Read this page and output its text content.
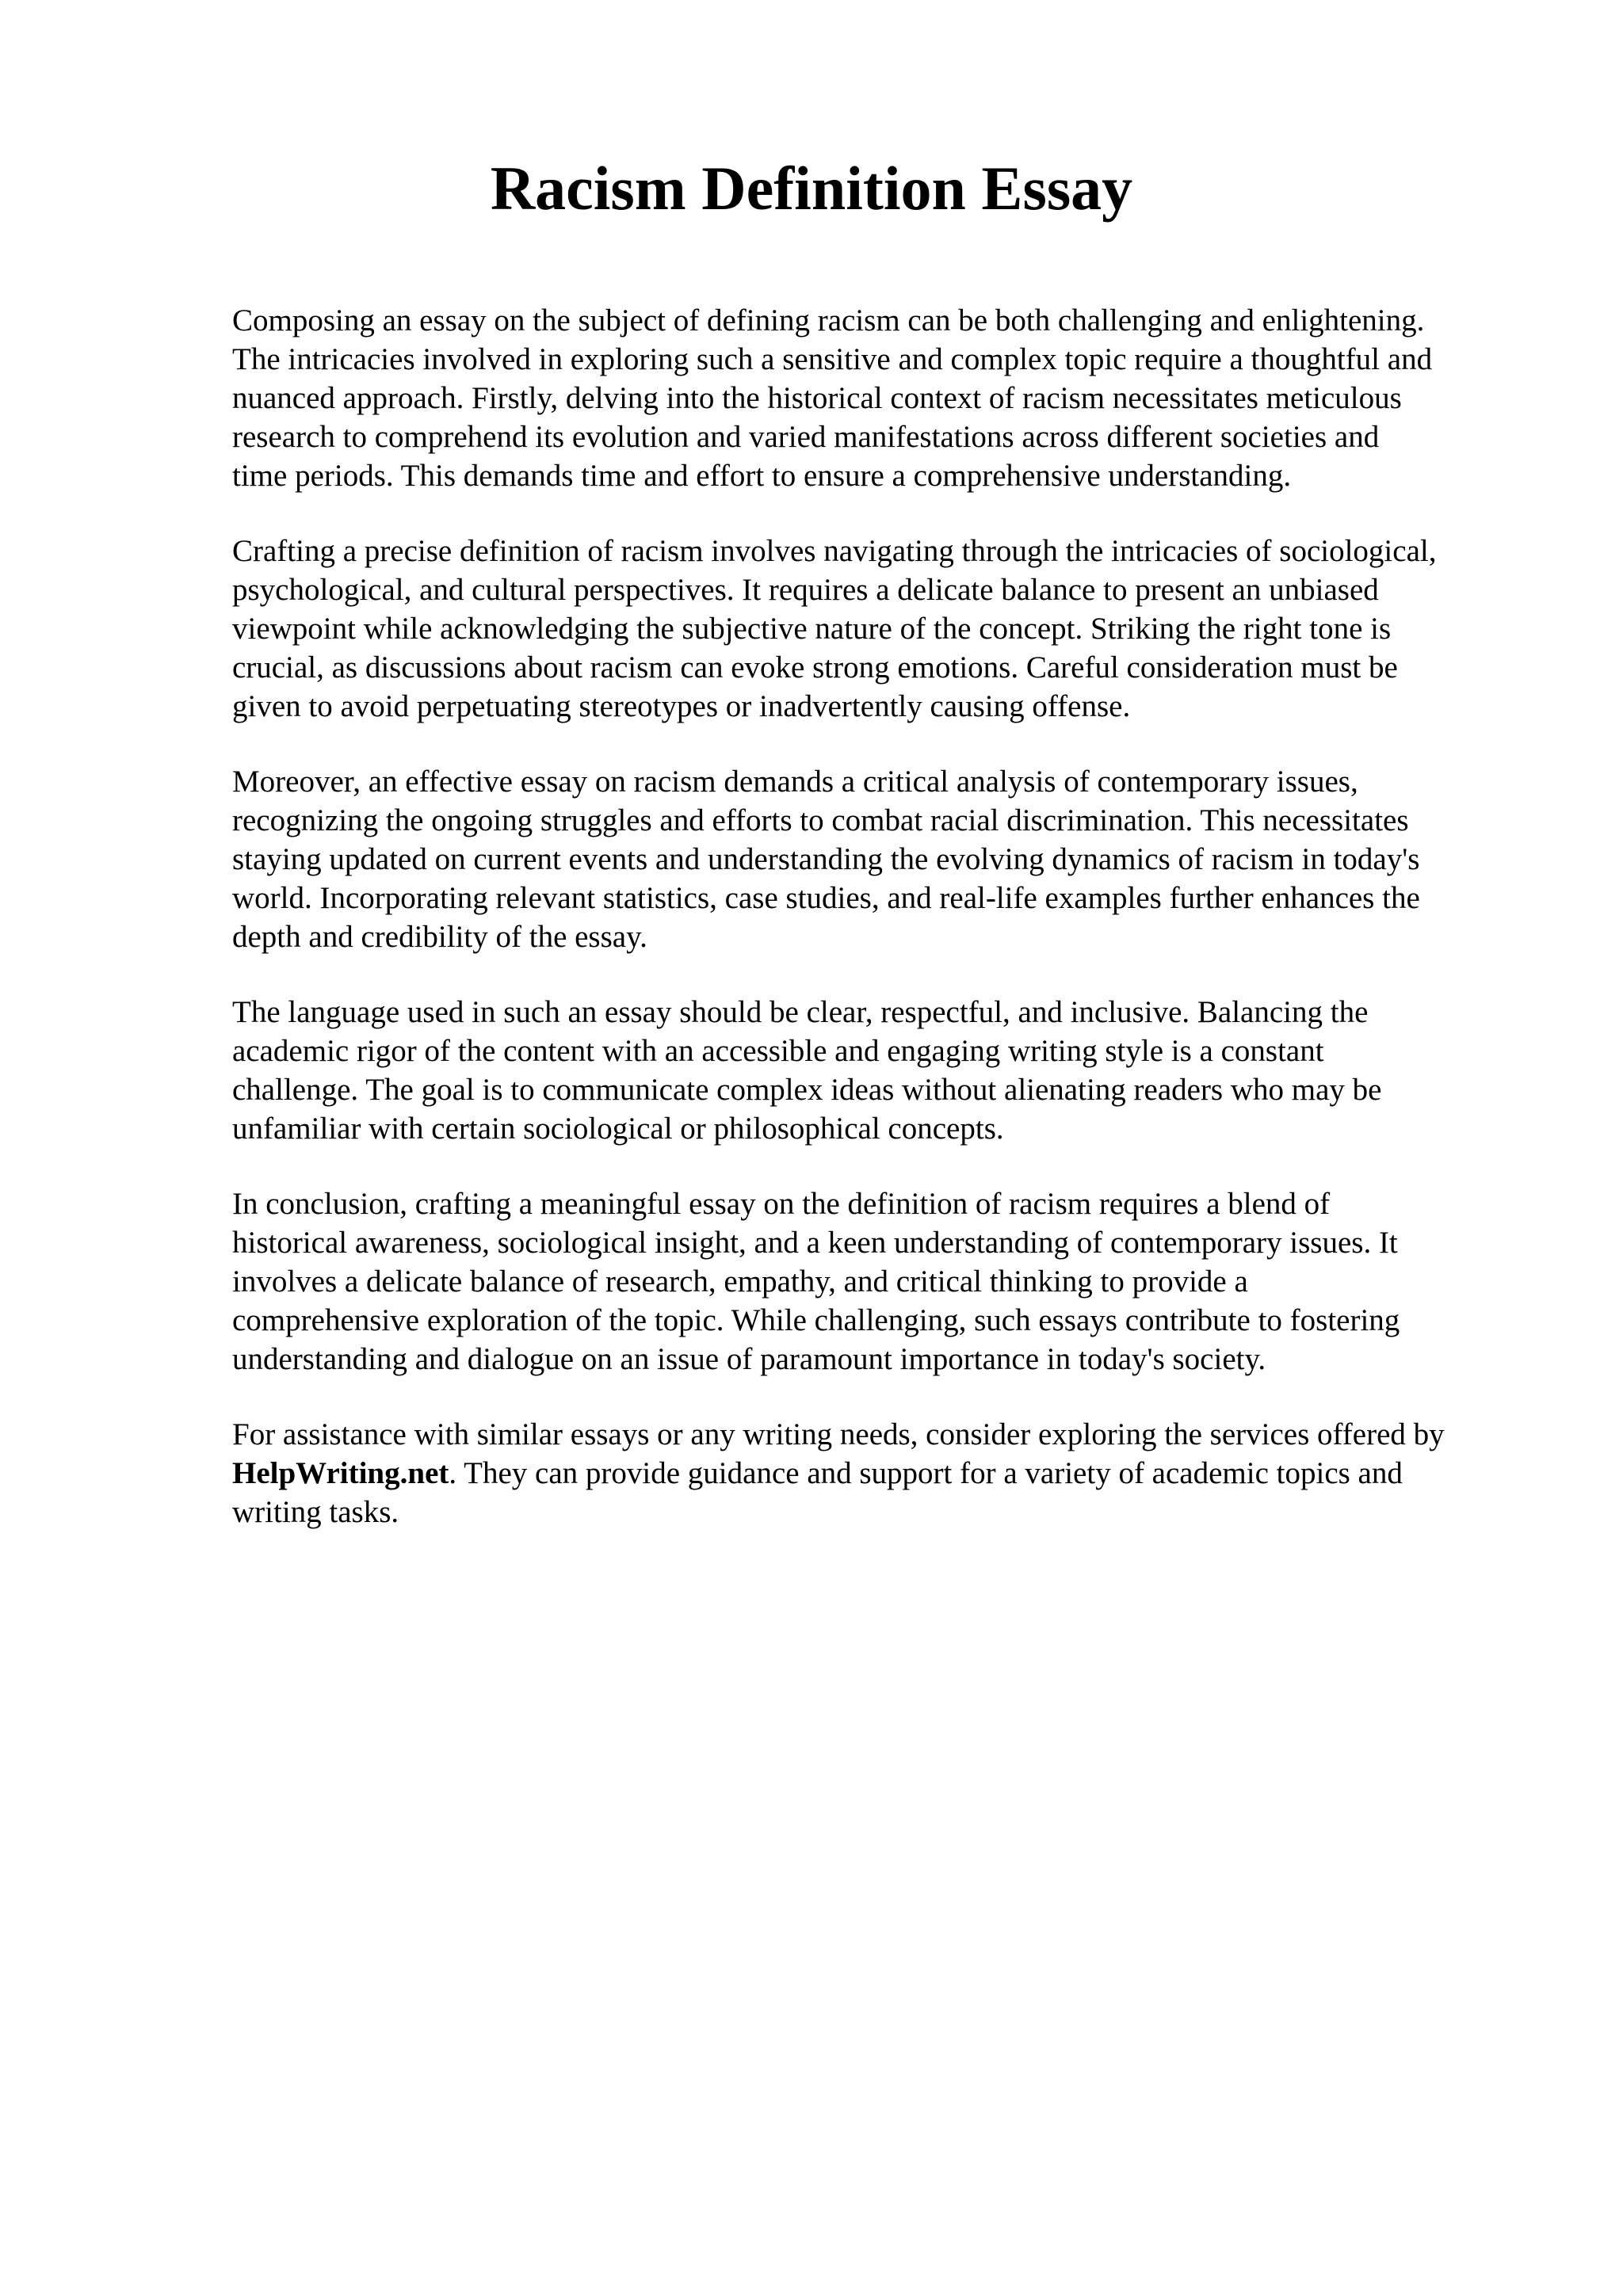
Racism Definition Essay

Composing an essay on the subject of defining racism can be both challenging and enlightening.
The intricacies involved in exploring such a sensitive and complex topic require a thoughtful and
nuanced approach. Firstly, delving into the historical context of racism necessitates meticulous
research to comprehend its evolution and varied manifestations across different societies and
time periods. This demands time and effort to ensure a comprehensive understanding.

Crafting a precise definition of racism involves navigating through the intricacies of sociological,
psychological, and cultural perspectives. It requires a delicate balance to present an unbiased
viewpoint while acknowledging the subjective nature of the concept. Striking the right tone is
crucial, as discussions about racism can evoke strong emotions. Careful consideration must be
given to avoid perpetuating stereotypes or inadvertently causing offense.

Moreover, an effective essay on racism demands a critical analysis of contemporary issues,
recognizing the ongoing struggles and efforts to combat racial discrimination. This necessitates
staying updated on current events and understanding the evolving dynamics of racism in today's
world. Incorporating relevant statistics, case studies, and real-life examples further enhances the
depth and credibility of the essay.

The language used in such an essay should be clear, respectful, and inclusive. Balancing the
academic rigor of the content with an accessible and engaging writing style is a constant
challenge. The goal is to communicate complex ideas without alienating readers who may be
unfamiliar with certain sociological or philosophical concepts.

In conclusion, crafting a meaningful essay on the definition of racism requires a blend of
historical awareness, sociological insight, and a keen understanding of contemporary issues. It
involves a delicate balance of research, empathy, and critical thinking to provide a
comprehensive exploration of the topic. While challenging, such essays contribute to fostering
understanding and dialogue on an issue of paramount importance in today's society.

For assistance with similar essays or any writing needs, consider exploring the services offered by
HelpWriting.net. They can provide guidance and support for a variety of academic topics and
writing tasks.
